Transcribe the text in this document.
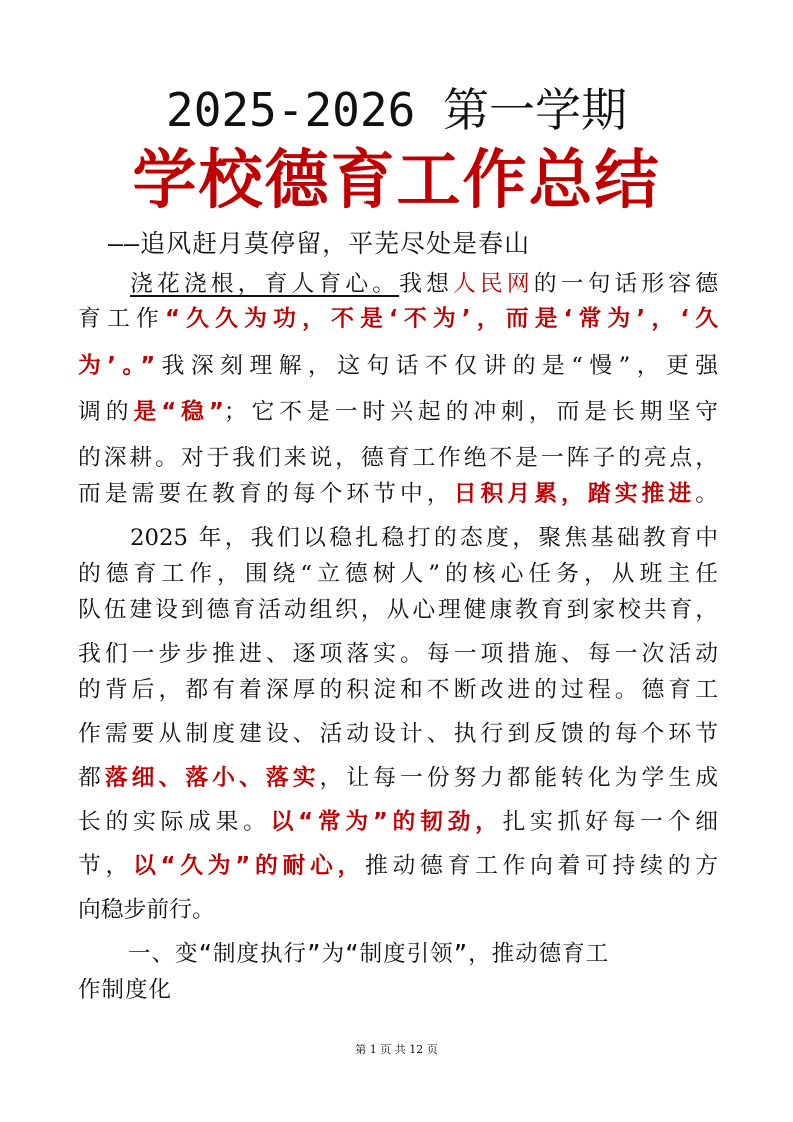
2025-2026 第一学期
学校德育工作总结
——追风赶月莫停留，平芜尽处是春山
浇花浇根，育人育心。我想人民网的一句话形容德
育工作“久久为功，不是‘不为’，而是‘常为’，‘久
为’。”我深刻理解，这句话不仅讲的是“慢”，更强
调的是“稳”；它不是一时兴起的冲刺，而是长期坚守
的深耕。对于我们来说，德育工作绝不是一阵子的亮点，
而是需要在教育的每个环节中，日积月累，踏实推进。
2025 年，我们以稳扎稳打的态度，聚焦基础教育中
的德育工作，围绕“立德树人”的核心任务，从班主任
队伍建设到德育活动组织，从心理健康教育到家校共育，
我们一步步推进、逐项落实。每一项措施、每一次活动
的背后，都有着深厚的积淀和不断改进的过程。德育工
作需要从制度建设、活动设计、执行到反馈的每个环节
都落细、落小、落实，让每一份努力都能转化为学生成
长的实际成果。以“常为”的韧劲，扎实抓好每一个细
节，以“久为”的耐心，推动德育工作向着可持续的方
向稳步前行。
一、变“制度执行”为“制度引领”，推动德育工
作制度化
第 1 页 共 12 页
